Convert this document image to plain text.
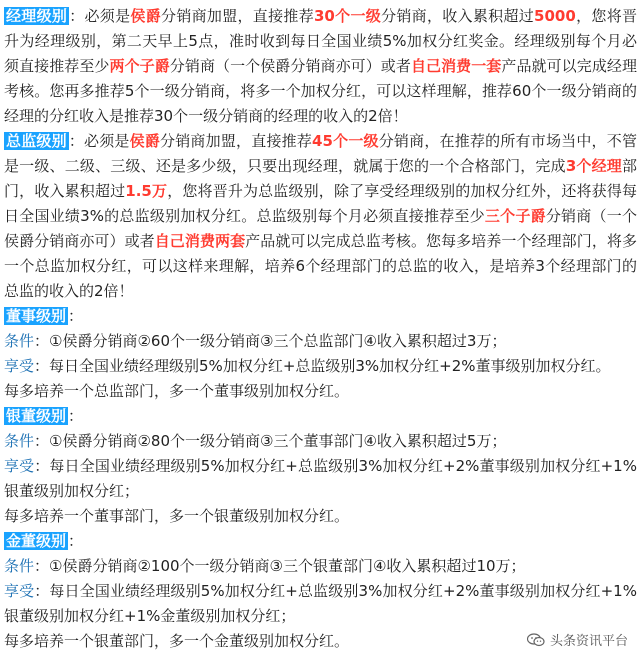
经理级别 ：必须是侯爵分销商加盟，直接推荐30个一级分销商，收入累积超过5000，您将晋升为经理级别，第二天早上5点，准时收到每日全国业绩5%加权分红奖金。经理级别每个月必须直接推荐至少两个子爵分销商（一个侯爵分销商亦可）或者自己消费一套产品就可以完成经理考核。您再多推荐5个一级分销商，将多一个加权分红，可以这样理解，推荐60个一级分销商的经理的分红收入是推荐30个一级分销商的经理的收入的2倍！

总监级别 ：必须是侯爵分销商加盟，直接推荐45个一级分销商，在推荐的所有市场当中，不管是一级、二级、三级、还是多少级，只要出现经理，就属于您的一个合格部门，完成3个经理部门，收入累积超过1.5万，您将晋升为总监级别，除了享受经理级别的加权分红外，还将获得每日全国业绩3%的总监级别加权分红。总监级别每个月必须直接推荐至少三个子爵分销商（一个侯爵分销商亦可）或者自己消费两套产品就可以完成总监考核。您每多培养一个经理部门，将多一个总监加权分红，可以这样来理解，培养6个经理部门的总监的收入，是培养3个经理部门的总监的收入的2倍！

董事级别 ：

条件：①侯爵分销商②60个一级分销商③三个总监部门④收入累积超过3万；

享受：每日全国业绩经理级别5%加权分红+总监级别3%加权分红+2%董事级别加权分红。

每多培养一个总监部门，多一个董事级别加权分红。

银董级别 ：

条件：①侯爵分销商②80个一级分销商③三个董事部门④收入累积超过5万；

享受：每日全国业绩经理级别5%加权分红+总监级别3%加权分红+2%董事级别加权分红+1%银董级别加权分红；

每多培养一个董事部门，多一个银董级别加权分红。

金董级别 ：

条件：①侯爵分销商②100个一级分销商③三个银董部门④收入累积超过10万；

享受：每日全国业绩经理级别5%加权分红+总监级别3%加权分红+2%董事级别加权分红+1%银董级别加权分红+1%金董级别加权分红；

每多培养一个银董部门，多一个金董级别加权分红。	头条资讯平台
